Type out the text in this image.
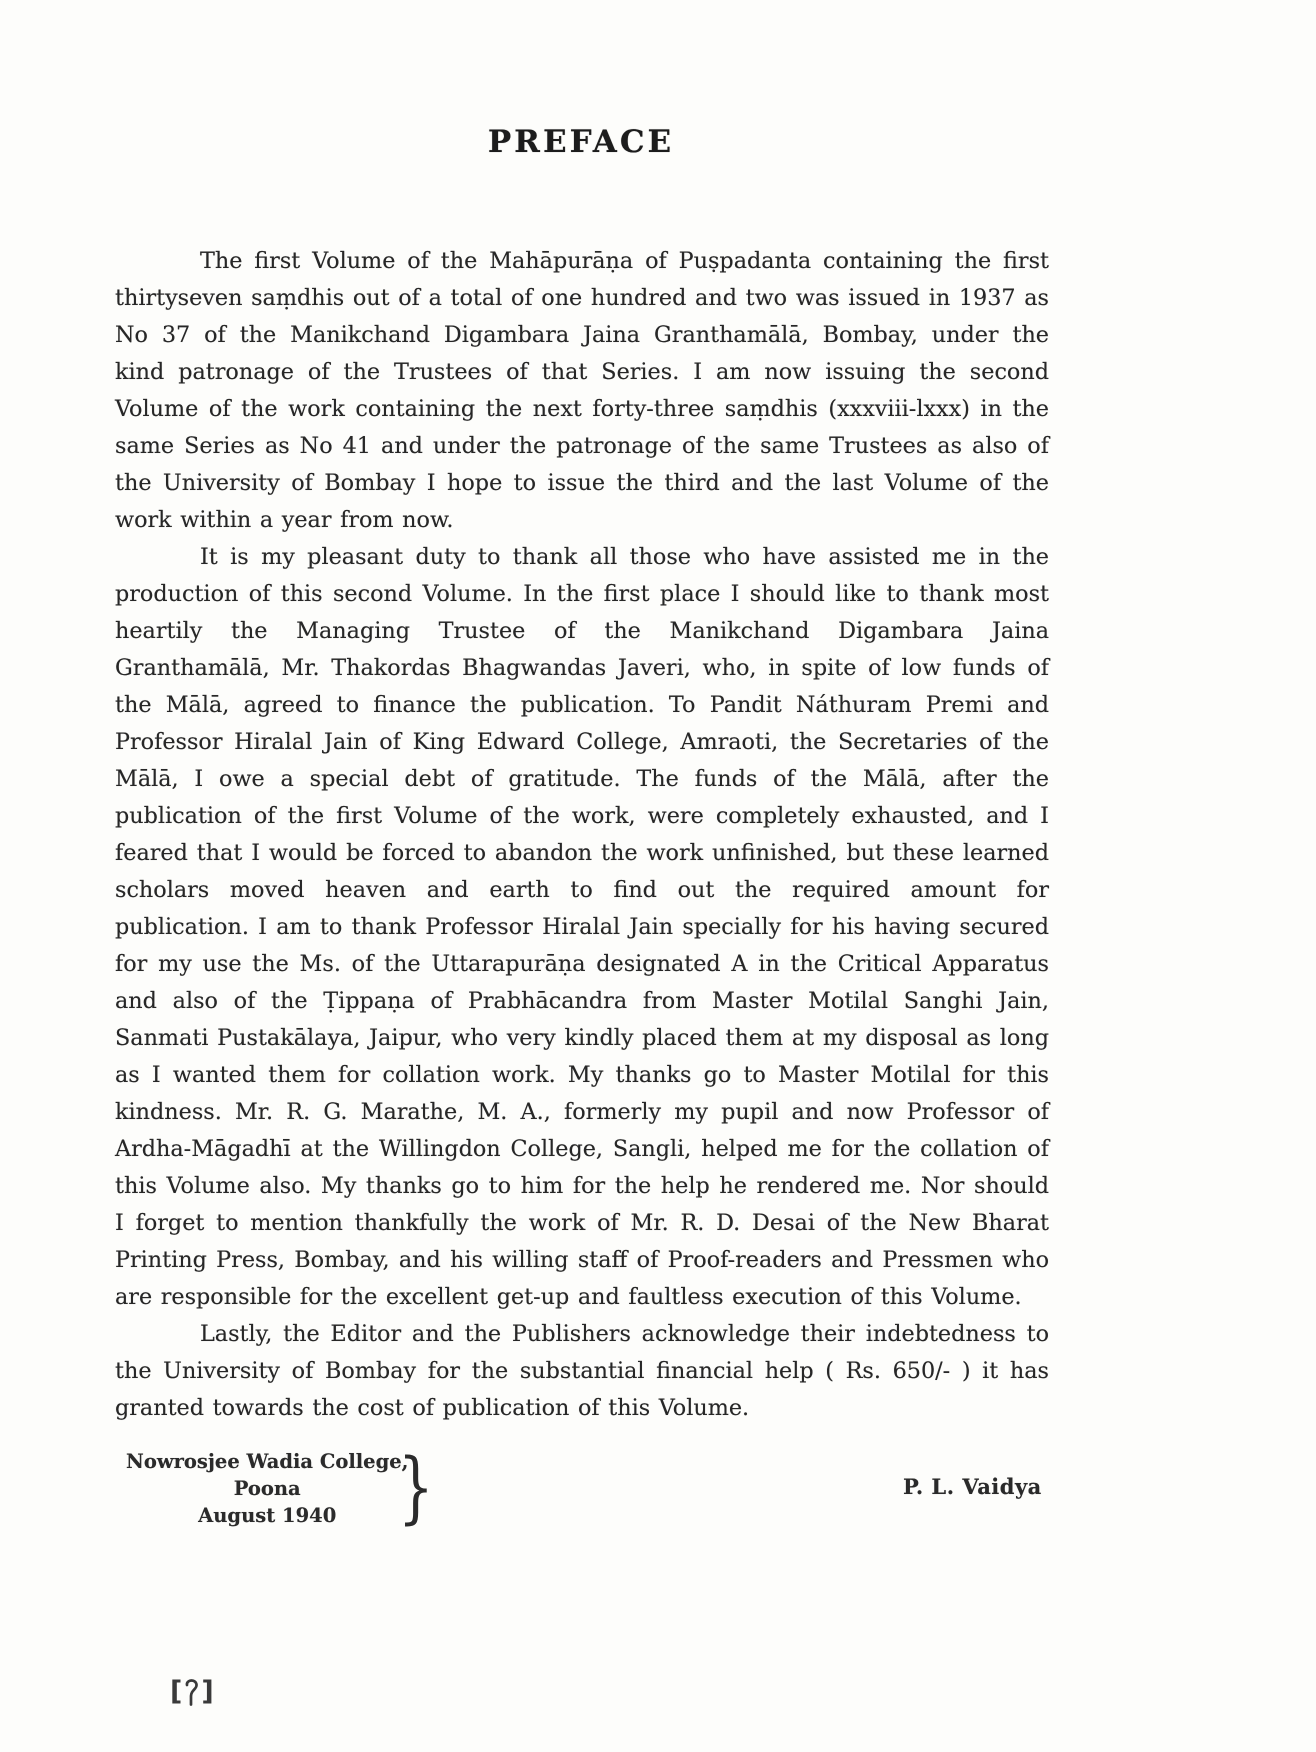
PREFACE

The first Volume of the Mahāpurāṇa of Puṣpadanta containing the first thirtyseven saṃdhis out of a total of one hundred and two was issued in 1937 as No 37 of the Manikchand Digambara Jaina Granthamālā, Bombay, under the kind patronage of the Trustees of that Series. I am now issuing the second Volume of the work containing the next forty-three saṃdhis (xxxviii-lxxx) in the same Series as No 41 and under the patronage of the same Trustees as also of the University of Bombay I hope to issue the third and the last Volume of the work within a year from now.

It is my pleasant duty to thank all those who have assisted me in the production of this second Volume. In the first place I should like to thank most heartily the Managing Trustee of the Manikchand Digambara Jaina Granthamālā, Mr. Thakordas Bhagwandas Javeri, who, in spite of low funds of the Mālā, agreed to finance the publication. To Pandit Náthuram Premi and Professor Hiralal Jain of King Edward College, Amraoti, the Secretaries of the Mālā, I owe a special debt of gratitude. The funds of the Mālā, after the publication of the first Volume of the work, were completely exhausted, and I feared that I would be forced to abandon the work unfinished, but these learned scholars moved heaven and earth to find out the required amount for publication. I am to thank Professor Hiralal Jain specially for his having secured for my use the Ms. of the Uttarapurāṇa designated A in the Critical Apparatus and also of the Ṭippaṇa of Prabhācandra from Master Motilal Sanghi Jain, Sanmati Pustakālaya, Jaipur, who very kindly placed them at my disposal as long as I wanted them for collation work. My thanks go to Master Motilal for this kindness. Mr. R. G. Marathe, M. A., formerly my pupil and now Professor of Ardha-Māgadhī at the Willingdon College, Sangli, helped me for the collation of this Volume also. My thanks go to him for the help he rendered me. Nor should I forget to mention thankfully the work of Mr. R. D. Desai of the New Bharat Printing Press, Bombay, and his willing staff of Proof-readers and Pressmen who are responsible for the excellent get-up and faultless execution of this Volume.

Lastly, the Editor and the Publishers acknowledge their indebtedness to the University of Bombay for the substantial financial help ( Rs. 650/- ) it has granted towards the cost of publication of this Volume.

Nowrosjee Wadia College,
Poona
August 1940 }	P. L. Vaidya
[ ]
